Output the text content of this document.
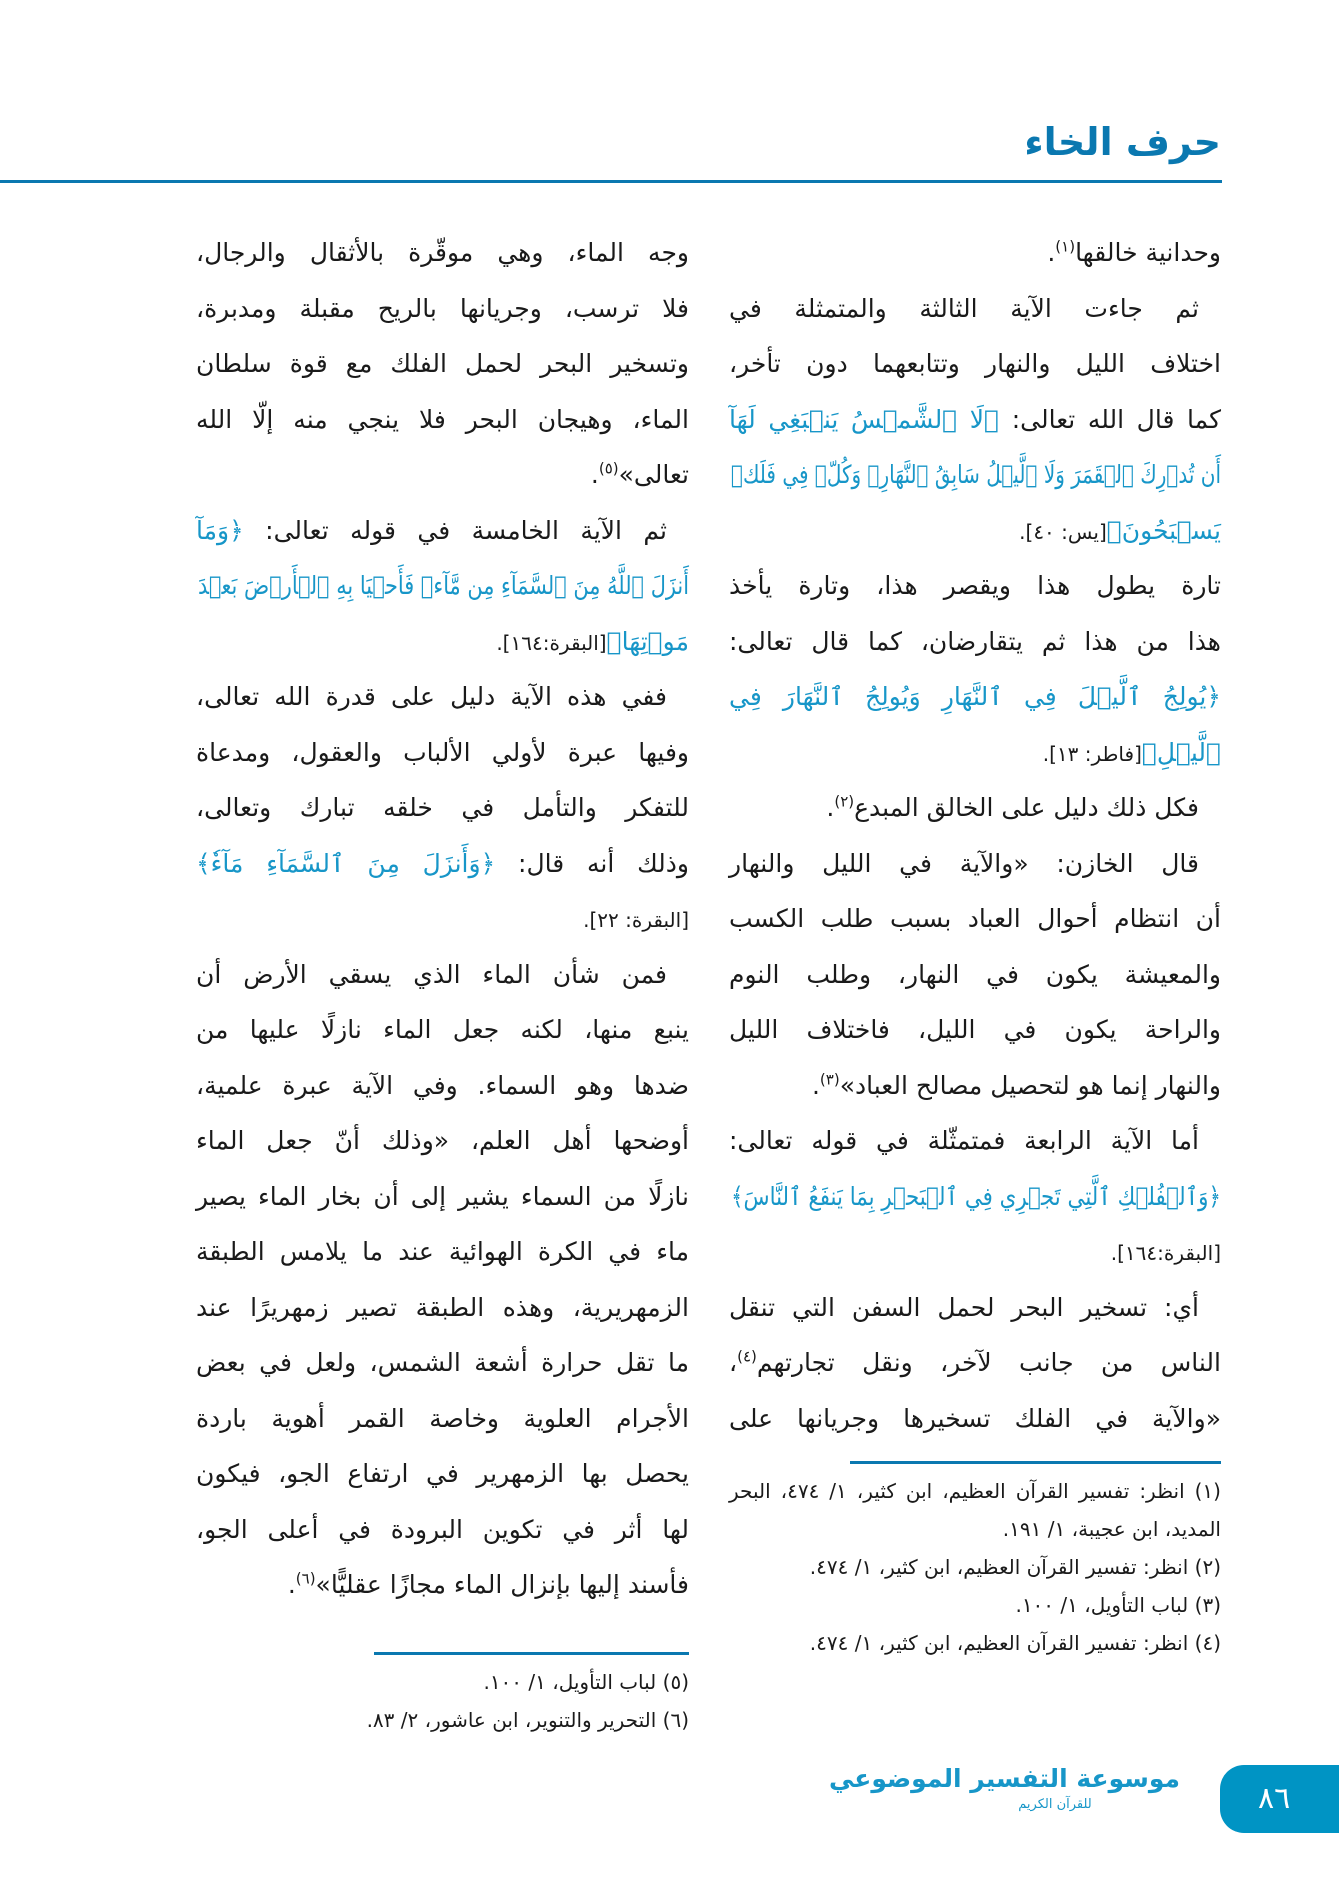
حرف الخاء
وحدانية خالقها$^{(١)}$.
ثم جاءت الآية الثالثة والمتمثلة في
اختلاف الليل والنهار وتتابعهما دون تأخر،
كما قال الله تعالى: ﴿لَا ٱلشَّمۡسُ يَنۢبَغِي لَهَآ
أَن تُدۡرِكَ ٱلۡقَمَرَ وَلَا ٱلَّيۡلُ سَابِقُ ٱلنَّهَارِۚ وَكُلّٞ فِي فَلَكٖ
يَسۡبَحُونَ﴾[يس: ٤٠].
تارة يطول هذا ويقصر هذا، وتارة يأخذ
هذا من هذا ثم يتقارضان، كما قال تعالى:
﴿يُولِجُ ٱلَّيۡلَ فِي ٱلنَّهَارِ وَيُولِجُ ٱلنَّهَارَ فِي
ٱلَّيۡلِ﴾[فاطر: ١٣].
فكل ذلك دليل على الخالق المبدع$^{(٢)}$.
قال الخازن: «والآية في الليل والنهار
أن انتظام أحوال العباد بسبب طلب الكسب
والمعيشة يكون في النهار، وطلب النوم
والراحة يكون في الليل، فاختلاف الليل
والنهار إنما هو لتحصيل مصالح العباد»$^{(٣)}$.
أما الآية الرابعة فمتمثّلة في قوله تعالى:
﴿وَٱلۡفُلۡكِ ٱلَّتِي تَجۡرِي فِي ٱلۡبَحۡرِ بِمَا يَنفَعُ ٱلنَّاسَ﴾
[البقرة:١٦٤].
أي: تسخير البحر لحمل السفن التي تنقل
الناس من جانب لآخر، ونقل تجارتهم$^{(٤)}$،
«والآية في الفلك تسخيرها وجريانها على
وجه الماء، وهي موقّرة بالأثقال والرجال،
فلا ترسب، وجريانها بالريح مقبلة ومدبرة،
وتسخير البحر لحمل الفلك مع قوة سلطان
الماء، وهيجان البحر فلا ينجي منه إلّا الله
تعالى»$^{(٥)}$.
ثم الآية الخامسة في قوله تعالى: ﴿وَمَآ
أَنزَلَ ٱللَّهُ مِنَ ٱلسَّمَآءِ مِن مَّآءٖ فَأَحۡيَا بِهِ ٱلۡأَرۡضَ بَعۡدَ
مَوۡتِهَا﴾[البقرة:١٦٤].
ففي هذه الآية دليل على قدرة الله تعالى،
وفيها عبرة لأولي الألباب والعقول، ومدعاة
للتفكر والتأمل في خلقه تبارك وتعالى،
وذلك أنه قال: ﴿وَأَنزَلَ مِنَ ٱلسَّمَآءِ مَآءٗ﴾
[البقرة: ٢٢].
فمن شأن الماء الذي يسقي الأرض أن
ينبع منها، لكنه جعل الماء نازلًا عليها من
ضدها وهو السماء. وفي الآية عبرة علمية،
أوضحها أهل العلم، «وذلك أنّ جعل الماء
نازلًا من السماء يشير إلى أن بخار الماء يصير
ماء في الكرة الهوائية عند ما يلامس الطبقة
الزمهريرية، وهذه الطبقة تصير زمهريرًا عند
ما تقل حرارة أشعة الشمس، ولعل في بعض
الأجرام العلوية وخاصة القمر أهوية باردة
يحصل بها الزمهرير في ارتفاع الجو، فيكون
لها أثر في تكوين البرودة في أعلى الجو،
فأسند إليها بإنزال الماء مجازًا عقليًّا»$^{(٦)}$.

(١) انظر: تفسير القرآن العظيم، ابن كثير، ١/ ٤٧٤، البحر المديد، ابن عجيبة، ١/ ١٩١.

(٢) انظر: تفسير القرآن العظيم، ابن كثير، ١/ ٤٧٤.

(٣) لباب التأويل، ١/ ١٠٠.

(٤) انظر: تفسير القرآن العظيم، ابن كثير، ١/ ٤٧٤.

(٥) لباب التأويل، ١/ ١٠٠.

(٦) التحرير والتنوير، ابن عاشور، ٢/ ٨٣.

موسوعة التفسير الموضوعي
للقرآن الكريم	٨٦
